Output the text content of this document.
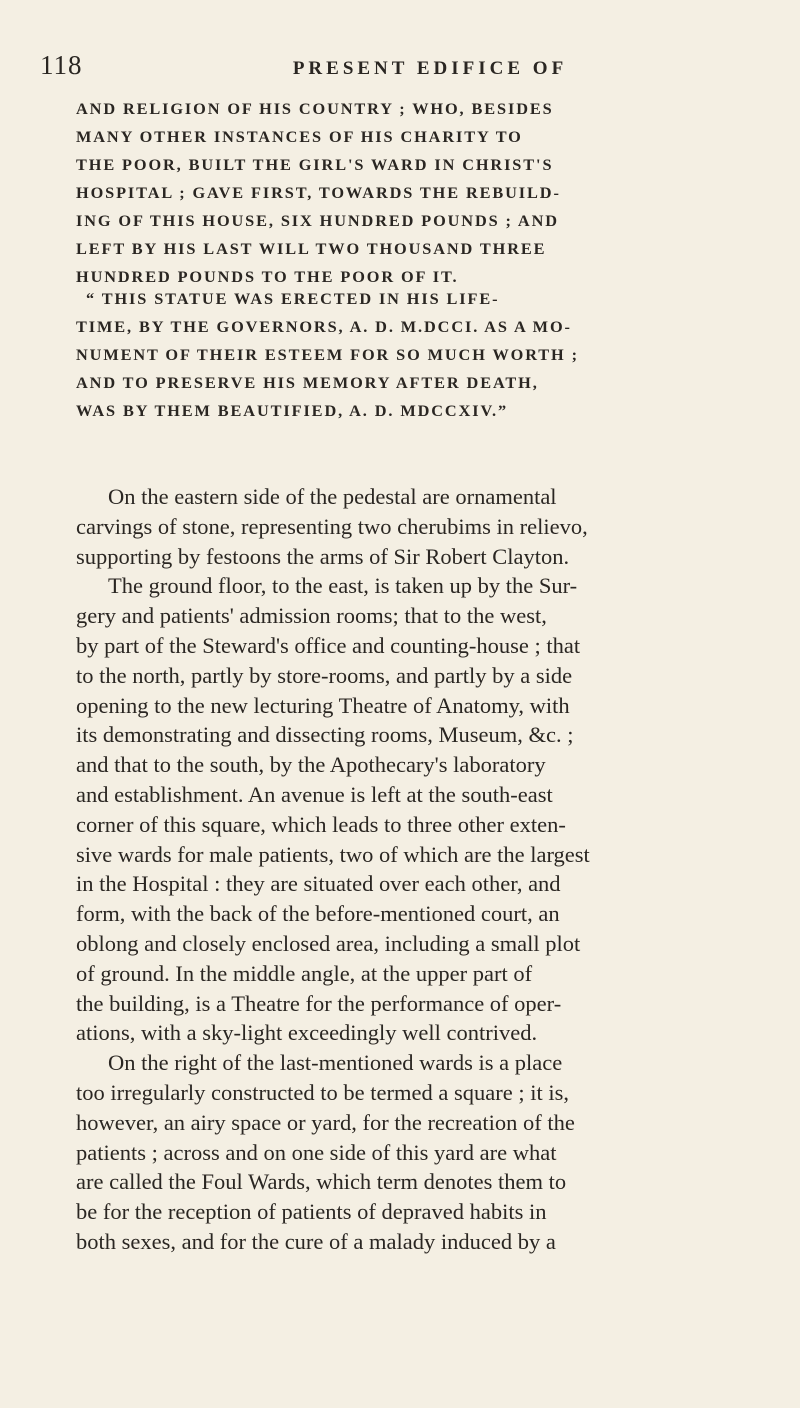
118	PRESENT EDIFICE OF
AND RELIGION OF HIS COUNTRY ; WHO, BESIDES
MANY OTHER INSTANCES OF HIS CHARITY TO
THE POOR, BUILT THE GIRL'S WARD IN CHRIST'S
HOSPITAL ; GAVE FIRST, TOWARDS THE REBUILD-
ING OF THIS HOUSE, SIX HUNDRED POUNDS ; AND
LEFT BY HIS LAST WILL TWO THOUSAND THREE
HUNDRED POUNDS TO THE POOR OF IT.
“ THIS STATUE WAS ERECTED IN HIS LIFE-
TIME, BY THE GOVERNORS, A. D. M.DCCI. AS A MO-
NUMENT OF THEIR ESTEEM FOR SO MUCH WORTH ;
AND TO PRESERVE HIS MEMORY AFTER DEATH,
WAS BY THEM BEAUTIFIED, A. D. MDCCXIV.”
On the eastern side of the pedestal are ornamental
carvings of stone, representing two cherubims in relievo,
supporting by festoons the arms of Sir Robert Clayton.
The ground floor, to the east, is taken up by the Sur-
gery and patients' admission rooms; that to the west,
by part of the Steward's office and counting-house ; that
to the north, partly by store-rooms, and partly by a side
opening to the new lecturing Theatre of Anatomy, with
its demonstrating and dissecting rooms, Museum, &c. ;
and that to the south, by the Apothecary's laboratory
and establishment. An avenue is left at the south-east
corner of this square, which leads to three other exten-
sive wards for male patients, two of which are the largest
in the Hospital : they are situated over each other, and
form, with the back of the before-mentioned court, an
oblong and closely enclosed area, including a small plot
of ground. In the middle angle, at the upper part of
the building, is a Theatre for the performance of oper-
ations, with a sky-light exceedingly well contrived.
On the right of the last-mentioned wards is a place
too irregularly constructed to be termed a square ; it is,
however, an airy space or yard, for the recreation of the
patients ; across and on one side of this yard are what
are called the Foul Wards, which term denotes them to
be for the reception of patients of depraved habits in
both sexes, and for the cure of a malady induced by a
